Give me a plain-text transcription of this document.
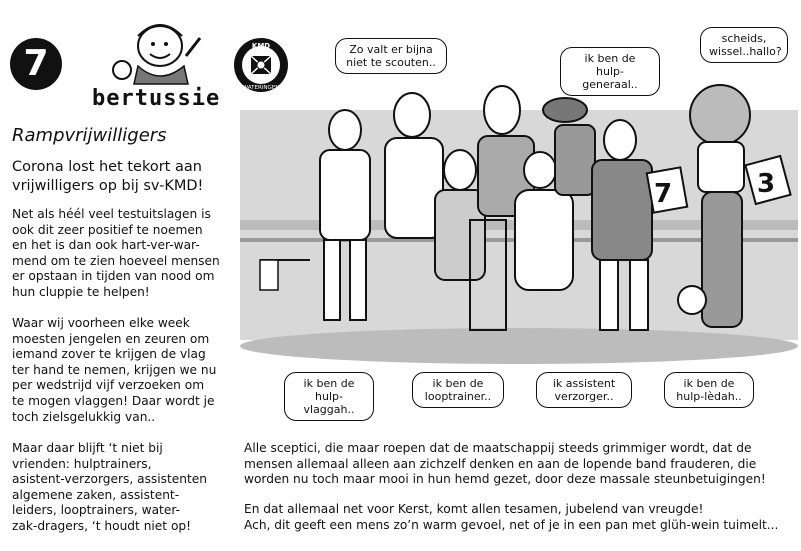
7
bertussie
KMD
WATERINGEN
Rampvrijwilligers
Corona lost het tekort aan vrijwilligers op bij sv-KMD!
Net als héél veel testuitslagen is
ook dit zeer positief te noemen
en het is dan ook hart-ver-war-
mend om te zien hoeveel mensen
er opstaan in tijden van nood om
hun cluppie te helpen!
Waar wij voorheen elke week
moesten jengelen en zeuren om
iemand zover te krijgen de vlag
ter hand te nemen, krijgen we nu
per wedstrijd vijf verzoeken om
te mogen vlaggen! Daar wordt je
toch zielsgelukkig van..
Maar daar blijft ‘t niet bij
vrienden: hulptrainers,
asistent-verzorgers, assistenten
algemene zaken, assistent-
leiders, looptrainers, water-
zak-dragers, ‘t houdt niet op!
7	3
Zo valt er bijna
niet te scouten..	ik ben de
hulp-generaal..
scheids,
wissel..hallo?
ik ben de
hulp-vlaggah..
ik ben de
looptrainer..
ik assistent
verzorger..
ik ben de
hulp-lèdah..
Alle sceptici, die maar roepen dat de maatschappij steeds grimmiger wordt, dat de
mensen allemaal alleen aan zichzelf denken en aan de lopende band frauderen, die
worden nu toch maar mooi in hun hemd gezet, door deze massale steunbetuigingen!
En dat allemaal net voor Kerst, komt allen tesamen, jubelend van vreugde!
Ach, dit geeft een mens zo’n warm gevoel, net of je in een pan met glüh-wein tuimelt...
